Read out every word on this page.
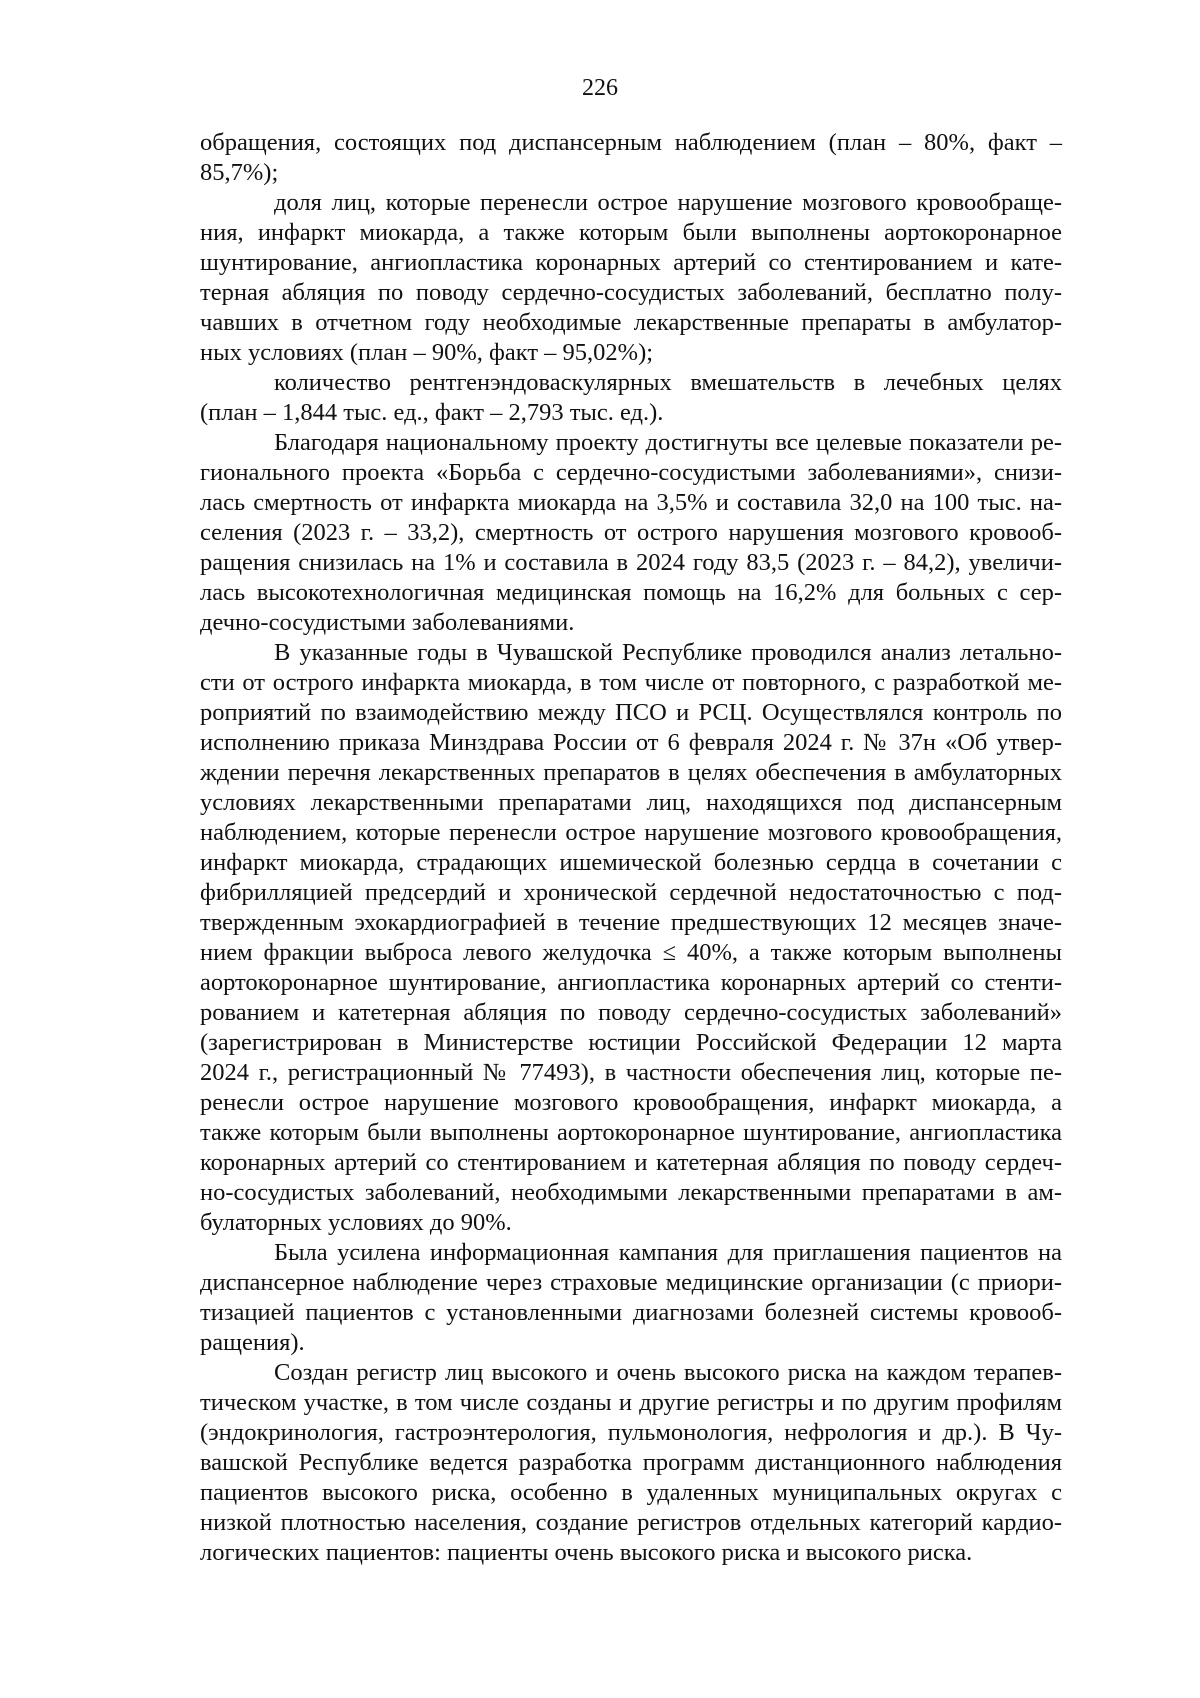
226
обращения, состоящих под диспансерным наблюдением (план – 80%, факт –
85,7%);
доля лиц, которые перенесли острое нарушение мозгового кровообраще-
ния, инфаркт миокарда, а также которым были выполнены аортокоронарное
шунтирование, ангиопластика коронарных артерий со стентированием и кате-
терная абляция по поводу сердечно-сосудистых заболеваний, бесплатно полу-
чавших в отчетном году необходимые лекарственные препараты в амбулатор-
ных условиях (план – 90%, факт – 95,02%);
количество рентгенэндоваскулярных вмешательств в лечебных целях
(план – 1,844 тыс. ед., факт – 2,793 тыс. ед.).
Благодаря национальному проекту достигнуты все целевые показатели ре-
гионального проекта «Борьба с сердечно-сосудистыми заболеваниями», снизи-
лась смертность от инфаркта миокарда на 3,5% и составила 32,0 на 100 тыс. на-
селения (2023 г. – 33,2), смертность от острого нарушения мозгового кровооб-
ращения снизилась на 1% и составила в 2024 году 83,5 (2023 г. – 84,2), увеличи-
лась высокотехнологичная медицинская помощь на 16,2% для больных с сер-
дечно-сосудистыми заболеваниями.
В указанные годы в Чувашской Республике проводился анализ летально-
сти от острого инфаркта миокарда, в том числе от повторного, с разработкой ме-
роприятий по взаимодействию между ПСО и РСЦ. Осуществлялся контроль по
исполнению приказа Минздрава России от 6 февраля 2024 г. № 37н «Об утвер-
ждении перечня лекарственных препаратов в целях обеспечения в амбулаторных
условиях лекарственными препаратами лиц, находящихся под диспансерным
наблюдением, которые перенесли острое нарушение мозгового кровообращения,
инфаркт миокарда, страдающих ишемической болезнью сердца в сочетании с
фибрилляцией предсердий и хронической сердечной недостаточностью с под-
твержденным эхокардиографией в течение предшествующих 12 месяцев значе-
нием фракции выброса левого желудочка ≤ 40%, а также которым выполнены
аортокоронарное шунтирование, ангиопластика коронарных артерий со стенти-
рованием и катетерная абляция по поводу сердечно-сосудистых заболеваний»
(зарегистрирован в Министерстве юстиции Российской Федерации 12 марта
2024 г., регистрационный № 77493), в частности обеспечения лиц, которые пе-
ренесли острое нарушение мозгового кровообращения, инфаркт миокарда, а
также которым были выполнены аортокоронарное шунтирование, ангиопластика
коронарных артерий со стентированием и катетерная абляция по поводу сердеч-
но-сосудистых заболеваний, необходимыми лекарственными препаратами в ам-
булаторных условиях до 90%.
Была усилена информационная кампания для приглашения пациентов на
диспансерное наблюдение через страховые медицинские организации (с приори-
тизацией пациентов с установленными диагнозами болезней системы кровооб-
ращения).
Создан регистр лиц высокого и очень высокого риска на каждом терапев-
тическом участке, в том числе созданы и другие регистры и по другим профилям
(эндокринология, гастроэнтерология, пульмонология, нефрология и др.). В Чу-
вашской Республике ведется разработка программ дистанционного наблюдения
пациентов высокого риска, особенно в удаленных муниципальных округах с
низкой плотностью населения, создание регистров отдельных категорий кардио-
логических пациентов: пациенты очень высокого риска и высокого риска.
